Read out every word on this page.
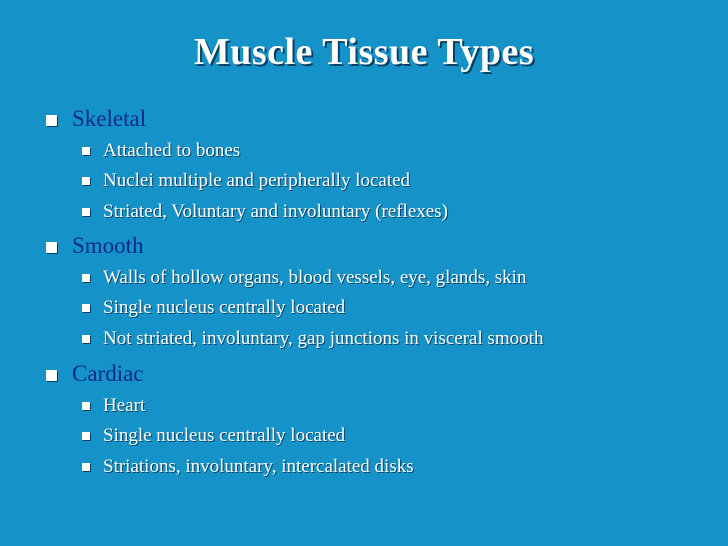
Muscle Tissue Types
Skeletal
Attached to bones
Nuclei multiple and peripherally located
Striated, Voluntary and involuntary (reflexes)
Smooth
Walls of hollow organs, blood vessels, eye, glands, skin
Single nucleus centrally located
Not striated, involuntary, gap junctions in visceral smooth
Cardiac
Heart
Single nucleus centrally located
Striations, involuntary, intercalated disks
